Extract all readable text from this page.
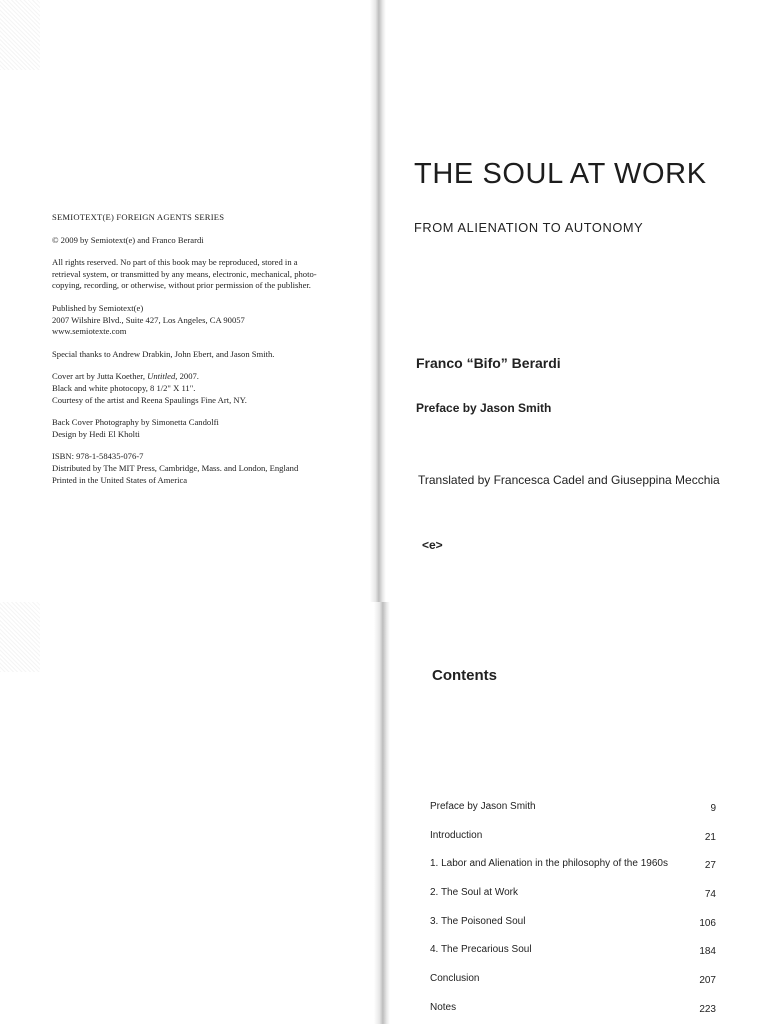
SEMIOTEXT(E) FOREIGN AGENTS SERIES

© 2009 by Semiotext(e) and Franco Berardi

All rights reserved. No part of this book may be reproduced, stored in a
retrieval system, or transmitted by any means, electronic, mechanical, photo-
copying, recording, or otherwise, without prior permission of the publisher.

Published by Semiotext(e)
2007 Wilshire Blvd., Suite 427, Los Angeles, CA 90057
www.semiotexte.com

Special thanks to Andrew Drabkin, John Ebert, and Jason Smith.

Cover art by Jutta Koether, Untitled, 2007.
Black and white photocopy, 8 1/2" X 11".
Courtesy of the artist and Reena Spaulings Fine Art, NY.

Back Cover Photography by Simonetta Candolfi
Design by Hedi El Kholti

ISBN: 978-1-58435-076-7
Distributed by The MIT Press, Cambridge, Mass. and London, England
Printed in the United States of America

THE SOUL AT WORK
FROM ALIENATION TO AUTONOMY
Franco “Bifo” Berardi
Preface by Jason Smith
Translated by Francesca Cadel and Giuseppina Mecchia
<e>
Contents
Preface by Jason Smith	9
Introduction	21
1. Labor and Alienation in the philosophy of the 1960s	27
2. The Soul at Work	74
3. The Poisoned Soul	106
4. The Precarious Soul	184
Conclusion	207
Notes	223
